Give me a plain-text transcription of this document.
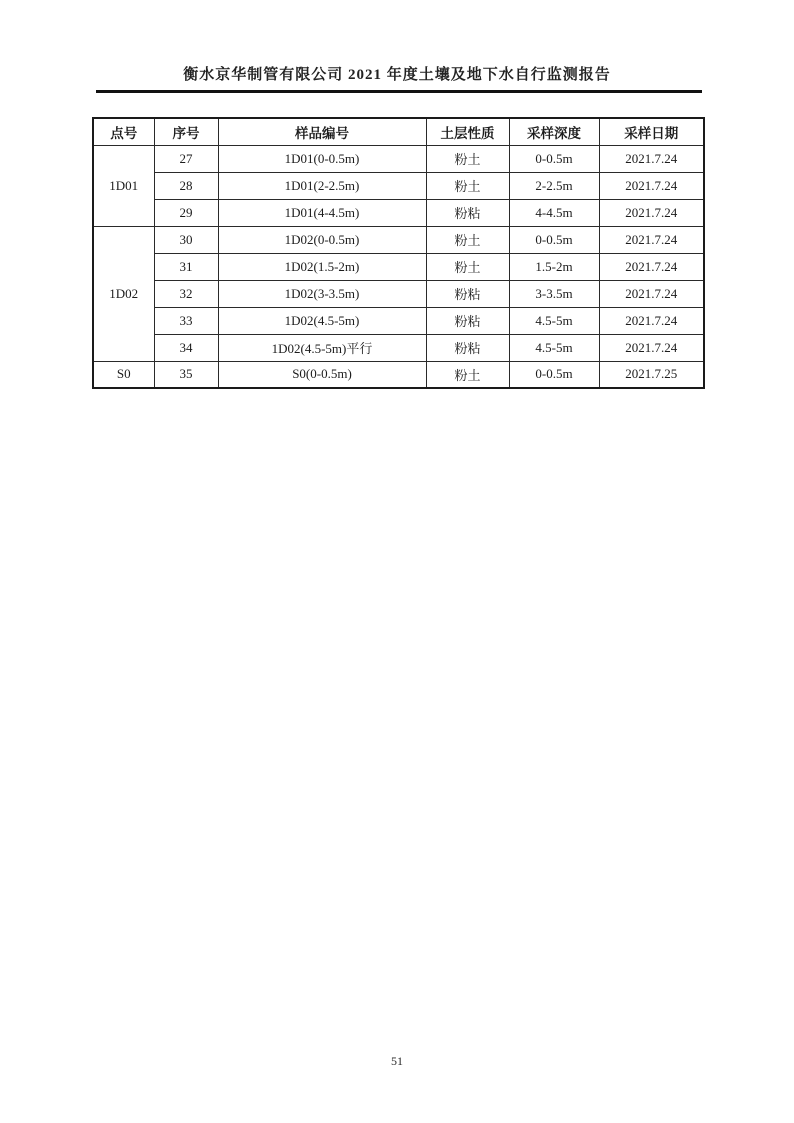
衡水京华制管有限公司 2021 年度土壤及地下水自行监测报告
点号	序号	样品编号	土层性质	采样深度	采样日期
1D01	27	1D01(0-0.5m)	粉土	0-0.5m	2021.7.24
	28	1D01(2-2.5m)	粉土	2-2.5m	2021.7.24
	29	1D01(4-4.5m)	粉粘	4-4.5m	2021.7.24
1D02	30	1D02(0-0.5m)	粉土	0-0.5m	2021.7.24
	31	1D02(1.5-2m)	粉土	1.5-2m	2021.7.24
	32	1D02(3-3.5m)	粉粘	3-3.5m	2021.7.24
	33	1D02(4.5-5m)	粉粘	4.5-5m	2021.7.24
	34	1D02(4.5-5m)平行	粉粘	4.5-5m	2021.7.24
S0	35	S0(0-0.5m)	粉土	0-0.5m	2021.7.25
51
